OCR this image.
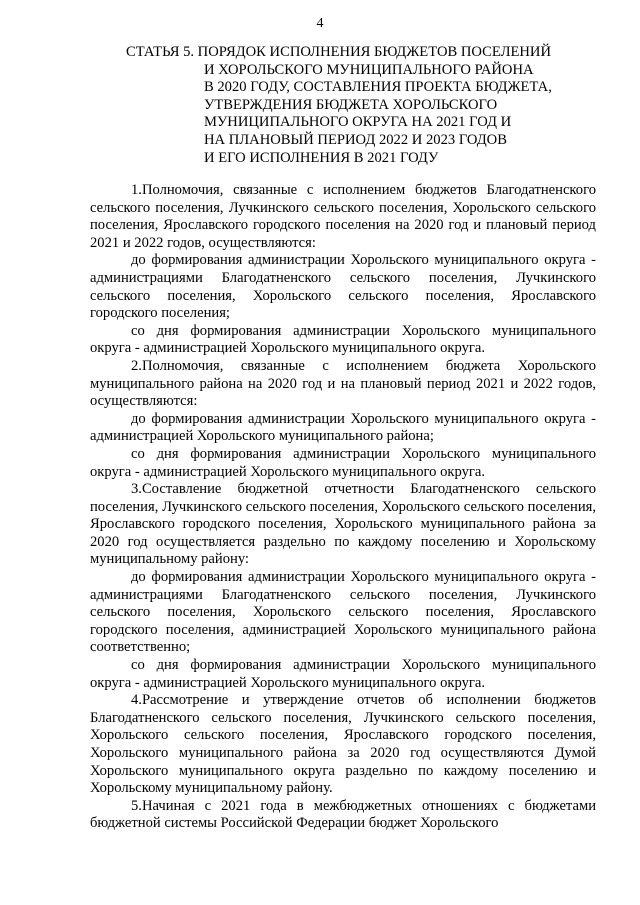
4
СТАТЬЯ 5. ПОРЯДОК ИСПОЛНЕНИЯ БЮДЖЕТОВ ПОСЕЛЕНИЙ
И ХОРОЛЬСКОГО МУНИЦИПАЛЬНОГО РАЙОНА
В 2020 ГОДУ, СОСТАВЛЕНИЯ ПРОЕКТА БЮДЖЕТА,
УТВЕРЖДЕНИЯ БЮДЖЕТА ХОРОЛЬСКОГО
МУНИЦИПАЛЬНОГО ОКРУГА НА 2021 ГОД И
НА ПЛАНОВЫЙ ПЕРИОД 2022 И 2023 ГОДОВ
И ЕГО ИСПОЛНЕНИЯ В 2021 ГОДУ

1.Полномочия, связанные с исполнением бюджетов Благодатненского сельского поселения, Лучкинского сельского поселения, Хорольского сельского поселения, Ярославского городского поселения на 2020 год и плановый период 2021 и 2022 годов, осуществляются:

до формирования администрации Хорольского муниципального округа - администрациями Благодатненского сельского поселения, Лучкинского сельского поселения, Хорольского сельского поселения, Ярославского городского поселения;

со дня формирования администрации Хорольского муниципального округа - администрацией Хорольского муниципального округа.

2.Полномочия, связанные с исполнением бюджета Хорольского муниципального района на 2020 год и на плановый период 2021 и 2022 годов, осуществляются:

до формирования администрации Хорольского муниципального округа - администрацией Хорольского муниципального района;

со дня формирования администрации Хорольского муниципального округа - администрацией Хорольского муниципального округа.

3.Составление бюджетной отчетности Благодатненского сельского поселения, Лучкинского сельского поселения, Хорольского сельского поселения, Ярославского городского поселения, Хорольского муниципального района за 2020 год осуществляется раздельно по каждому поселению и Хорольскому муниципальному району:

до формирования администрации Хорольского муниципального округа - администрациями Благодатненского сельского поселения, Лучкинского сельского поселения, Хорольского сельского поселения, Ярославского городского поселения, администрацией Хорольского муниципального района соответственно;

со дня формирования администрации Хорольского муниципального округа - администрацией Хорольского муниципального округа.

4.Рассмотрение и утверждение отчетов об исполнении бюджетов Благодатненского сельского поселения, Лучкинского сельского поселения, Хорольского сельского поселения, Ярославского городского поселения, Хорольского муниципального района за 2020 год осуществляются Думой Хорольского муниципального округа раздельно по каждому поселению и Хорольскому муниципальному району.

5.Начиная с 2021 года в межбюджетных отношениях с бюджетами бюджетной системы Российской Федерации бюджет Хорольского
